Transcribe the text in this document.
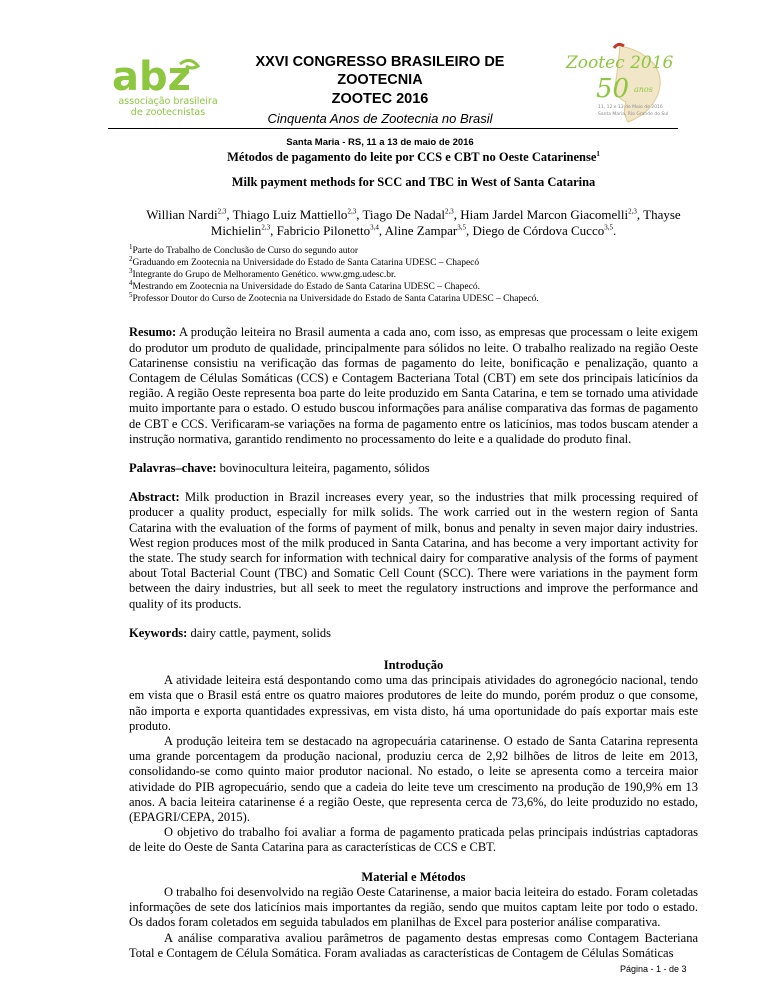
abz
associação brasileira
de zootecnistas
XXVI CONGRESSO BRASILEIRO DE ZOOTECNIA
ZOOTEC 2016
Cinquenta Anos de Zootecnia no Brasil
Santa Maria - RS, 11 a 13 de maio de 2016
Zootec 2016
50 anos
11, 12 e 13 de Maio de 2016
Santa Maria, Rio Grande do Sul
Métodos de pagamento do leite por CCS e CBT no Oeste Catarinense$^1$
Milk payment methods for SCC and TBC in West of Santa Catarina
Willian Nardi$^{2,3}$, Thiago Luiz Mattiello$^{2,3}$, Tiago De Nadal$^{2,3}$, Hiam Jardel Marcon Giacomelli$^{2,3}$, Thayse Michielin$^{2,3}$, Fabricio Pilonetto$^{3,4}$, Aline Zampar$^{3,5}$, Diego de Córdova Cucco$^{3,5}$.
$^1$Parte do Trabalho de Conclusão de Curso do segundo autor
$^2$Graduando em Zootecnia na Universidade do Estado de Santa Catarina UDESC – Chapecó
$^3$Integrante do Grupo de Melhoramento Genético. www.gmg.udesc.br.
$^4$Mestrando em Zootecnia na Universidade do Estado de Santa Catarina UDESC – Chapecó.
$^5$Professor Doutor do Curso de Zootecnia na Universidade do Estado de Santa Catarina UDESC – Chapecó.
Resumo: A produção leiteira no Brasil aumenta a cada ano, com isso, as empresas que processam o leite exigem do produtor um produto de qualidade, principalmente para sólidos no leite. O trabalho realizado na região Oeste Catarinense consistiu na verificação das formas de pagamento do leite, bonificação e penalização, quanto a Contagem de Células Somáticas (CCS) e Contagem Bacteriana Total (CBT) em sete dos principais laticínios da região. A região Oeste representa boa parte do leite produzido em Santa Catarina, e tem se tornado uma atividade muito importante para o estado. O estudo buscou informações para análise comparativa das formas de pagamento de CBT e CCS. Verificaram-se variações na forma de pagamento entre os laticínios, mas todos buscam atender a instrução normativa, garantido rendimento no processamento do leite e a qualidade do produto final.
Palavras–chave: bovinocultura leiteira, pagamento, sólidos
Abstract: Milk production in Brazil increases every year, so the industries that milk processing required of producer a quality product, especially for milk solids. The work carried out in the western region of Santa Catarina with the evaluation of the forms of payment of milk, bonus and penalty in seven major dairy industries. West region produces most of the milk produced in Santa Catarina, and has become a very important activity for the state. The study search for information with technical dairy for comparative analysis of the forms of payment about Total Bacterial Count (TBC) and Somatic Cell Count (SCC). There were variations in the payment form between the dairy industries, but all seek to meet the regulatory instructions and improve the performance and quality of its products.
Keywords: dairy cattle, payment, solids
Introdução
A atividade leiteira está despontando como uma das principais atividades do agronegócio nacional, tendo em vista que o Brasil está entre os quatro maiores produtores de leite do mundo, porém produz o que consome, não importa e exporta quantidades expressivas, em vista disto, há uma oportunidade do país exportar mais este produto.
A produção leiteira tem se destacado na agropecuária catarinense. O estado de Santa Catarina representa uma grande porcentagem da produção nacional, produziu cerca de 2,92 bilhões de litros de leite em 2013, consolidando-se como quinto maior produtor nacional. No estado, o leite se apresenta como a terceira maior atividade do PIB agropecuário, sendo que a cadeia do leite teve um crescimento na produção de 190,9% em 13 anos. A bacia leiteira catarinense é a região Oeste, que representa cerca de 73,6%, do leite produzido no estado, (EPAGRI/CEPA, 2015).
O objetivo do trabalho foi avaliar a forma de pagamento praticada pelas principais indústrias captadoras de leite do Oeste de Santa Catarina para as características de CCS e CBT.
Material e Métodos
O trabalho foi desenvolvido na região Oeste Catarinense, a maior bacia leiteira do estado. Foram coletadas informações de sete dos laticínios mais importantes da região, sendo que muitos captam leite por todo o estado. Os dados foram coletados em seguida tabulados em planilhas de Excel para posterior análise comparativa.
A análise comparativa avaliou parâmetros de pagamento destas empresas como Contagem Bacteriana Total e Contagem de Célula Somática. Foram avaliadas as características de Contagem de Células Somáticas
Página - 1 - de 3
